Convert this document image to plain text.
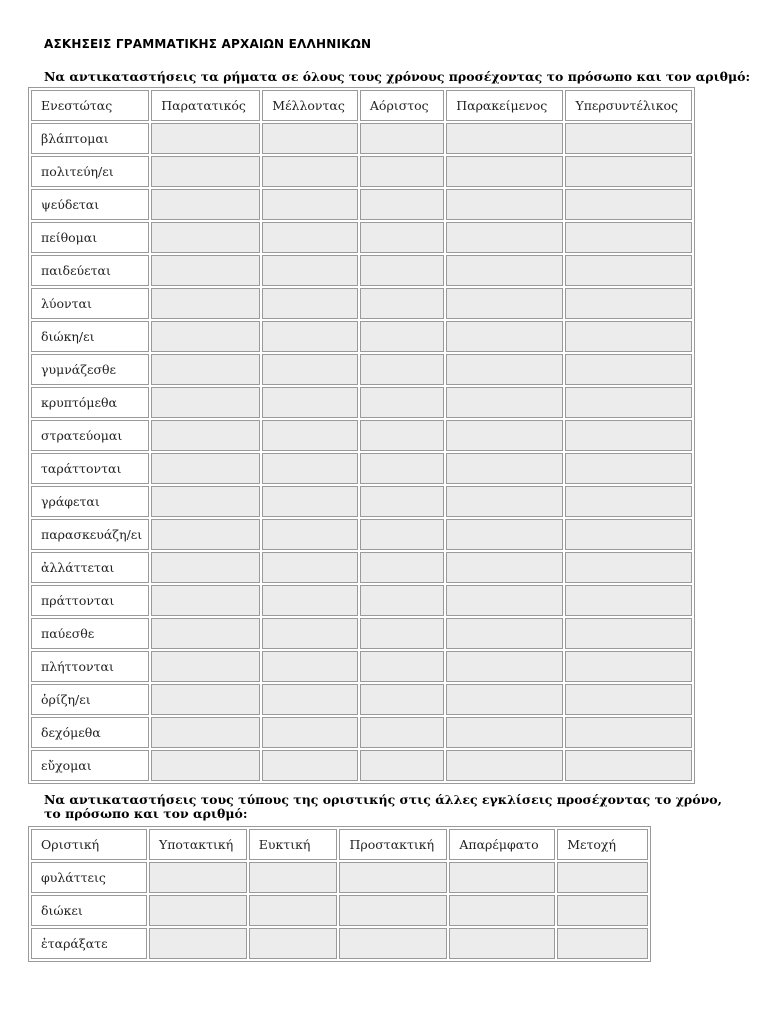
ΑΣΚΗΣΕΙΣ ΓΡΑΜΜΑΤΙΚΗΣ ΑΡΧΑΙΩΝ ΕΛΛΗΝΙΚΩΝ
Να αντικαταστήσεις τα ρήματα σε όλους τους χρόνους προσέχοντας το πρόσωπο και τον αριθμό:
Ενεστώτας	Παρατατικός	Μέλλοντας	Αόριστος	Παρακείμενος	Υπερσυντέλικος
βλάπτομαι					
πολιτεύη/ει					
ψεύδεται					
πείθομαι					
παιδεύεται					
λύονται					
διώκη/ει					
γυμνάζεσθε					
κρυπτόμεθα					
στρατεύομαι					
ταράττονται					
γράφεται					
παρασκευάζη/ει					
ἀλλάττεται					
πράττονται					
παύεσθε					
πλήττονται					
ὁρίζη/ει					
δεχόμεθα					
εὔχομαι					
Να αντικαταστήσεις τους τύπους της οριστικής στις άλλες εγκλίσεις προσέχοντας το χρόνο, το πρόσωπο και τον αριθμό:
Οριστική	Υποτακτική	Ευκτική	Προστακτική	Απαρέμφατο	Μετοχή
φυλάττεις					
διώκει					
ἐταράξατε					
